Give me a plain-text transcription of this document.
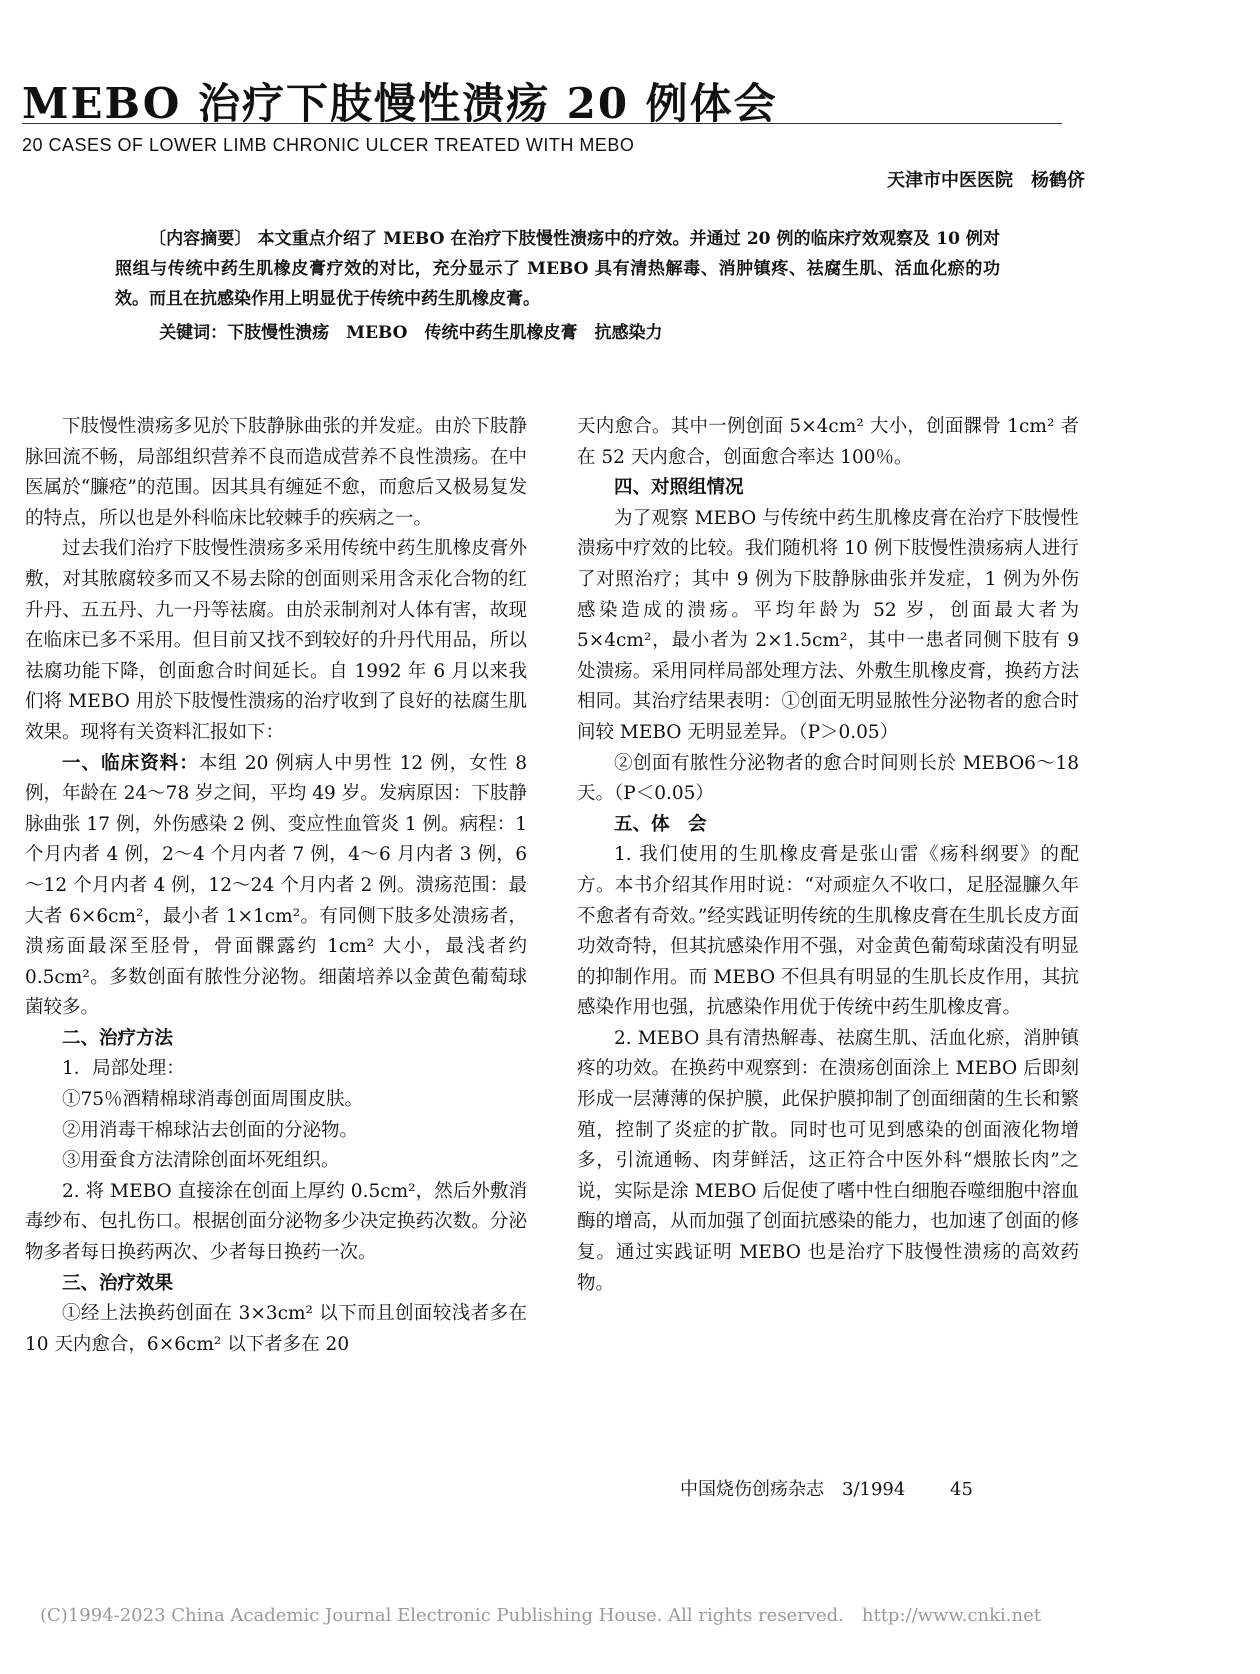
MEBO 治疗下肢慢性溃疡 20 例体会
20 CASES OF LOWER LIMB CHRONIC ULCER TREATED WITH MEBO
天津市中医医院　杨鹤侪

〔内容摘要〕 本文重点介绍了 MEBO 在治疗下肢慢性溃疡中的疗效。并通过 20 例的临床疗效观察及 10 例对照组与传统中药生肌橡皮膏疗效的对比，充分显示了 MEBO 具有清热解毒、消肿镇疼、祛腐生肌、活血化瘀的功效。而且在抗感染作用上明显优于传统中药生肌橡皮膏。

关键词：下肢慢性溃疡　MEBO　传统中药生肌橡皮膏　抗感染力

下肢慢性溃疡多见於下肢静脉曲张的并发症。由於下肢静脉回流不畅，局部组织营养不良而造成营养不良性溃疡。在中医属於“臁疮”的范围。因其具有缠延不愈，而愈后又极易复发的特点，所以也是外科临床比较棘手的疾病之一。

过去我们治疗下肢慢性溃疡多采用传统中药生肌橡皮膏外敷，对其脓腐较多而又不易去除的创面则采用含汞化合物的红升丹、五五丹、九一丹等祛腐。由於汞制剂对人体有害，故现在临床已多不采用。但目前又找不到较好的升丹代用品，所以祛腐功能下降，创面愈合时间延长。自 1992 年 6 月以来我们将 MEBO 用於下肢慢性溃疡的治疗收到了良好的祛腐生肌效果。现将有关资料汇报如下：

一、临床资料：本组 20 例病人中男性 12 例，女性 8 例，年龄在 24～78 岁之间，平均 49 岁。发病原因：下肢静脉曲张 17 例，外伤感染 2 例、变应性血管炎 1 例。病程：1 个月内者 4 例，2～4 个月内者 7 例，4～6 月内者 3 例，6～12 个月内者 4 例，12～24 个月内者 2 例。溃疡范围：最大者 6×6cm²，最小者 1×1cm²。有同侧下肢多处溃疡者，溃疡面最深至胫骨，骨面髁露约 1cm² 大小，最浅者约 0.5cm²。多数创面有脓性分泌物。细菌培养以金黄色葡萄球菌较多。

二、治疗方法

1．局部处理：

①75％酒精棉球消毒创面周围皮肤。

②用消毒干棉球沾去创面的分泌物。

③用蚕食方法清除创面坏死组织。

2. 将 MEBO 直接涂在创面上厚约 0.5cm²，然后外敷消毒纱布、包扎伤口。根据创面分泌物多少决定换药次数。分泌物多者每日换药两次、少者每日换药一次。

三、治疗效果

①经上法换药创面在 3×3cm² 以下而且创面较浅者多在 10 天内愈合，6×6cm² 以下者多在 20

天内愈合。其中一例创面 5×4cm² 大小，创面髁骨 1cm² 者在 52 天内愈合，创面愈合率达 100％。

四、对照组情况

为了观察 MEBO 与传统中药生肌橡皮膏在治疗下肢慢性溃疡中疗效的比较。我们随机将 10 例下肢慢性溃疡病人进行了对照治疗；其中 9 例为下肢静脉曲张并发症，1 例为外伤感染造成的溃疡。平均年龄为 52 岁，创面最大者为 5×4cm²，最小者为 2×1.5cm²，其中一患者同侧下肢有 9 处溃疡。采用同样局部处理方法、外敷生肌橡皮膏，换药方法相同。其治疗结果表明：①创面无明显脓性分泌物者的愈合时间较 MEBO 无明显差异。（P＞0.05）

②创面有脓性分泌物者的愈合时间则长於 MEBO6～18 天。（P＜0.05）

五、体　会

1. 我们使用的生肌橡皮膏是张山雷《疡科纲要》的配方。本书介绍其作用时说：“对顽症久不收口，足胫湿臁久年不愈者有奇效。”经实践证明传统的生肌橡皮膏在生肌长皮方面功效奇特，但其抗感染作用不强，对金黄色葡萄球菌没有明显的抑制作用。而 MEBO 不但具有明显的生肌长皮作用，其抗感染作用也强，抗感染作用优于传统中药生肌橡皮膏。

2. MEBO 具有清热解毒、祛腐生肌、活血化瘀，消肿镇疼的功效。在换药中观察到：在溃疡创面涂上 MEBO 后即刻形成一层薄薄的保护膜，此保护膜抑制了创面细菌的生长和繁殖，控制了炎症的扩散。同时也可见到感染的创面液化物增多，引流通畅、肉芽鲜活，这正符合中医外科“煨脓长肉”之说，实际是涂 MEBO 后促使了嗜中性白细胞吞噬细胞中溶血酶的增高，从而加强了创面抗感染的能力，也加速了创面的修复。通过实践证明 MEBO 也是治疗下肢慢性溃疡的高效药物。

中国烧伤创疡杂志　3/1994 45
(C)1994-2023 China Academic Journal Electronic Publishing House. All rights reserved.　http://www.cnki.net
